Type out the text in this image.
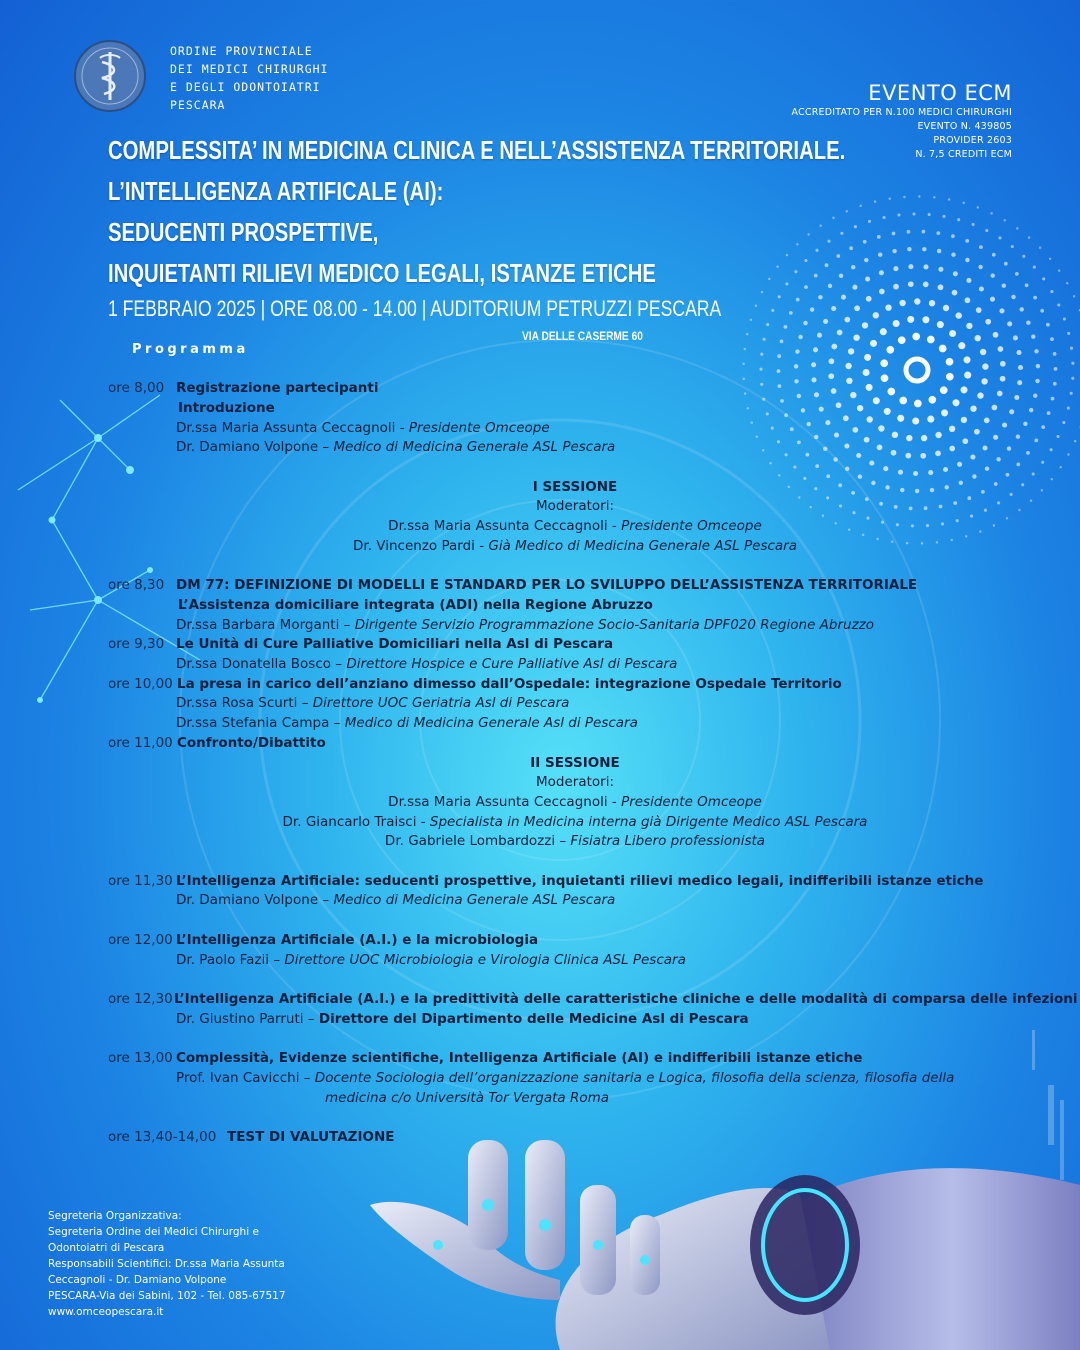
ORDINE PROVINCIALE
DEI MEDICI CHIRURGHI
E DEGLI ODONTOIATRI
PESCARA	EVENTO ECM
ACCREDITATO PER N.100 MEDICI CHIRURGHI
EVENTO N. 439805
PROVIDER 2603
N. 7,5 CREDITI ECM
COMPLESSITA’ IN MEDICINA CLINICA E NELL’ASSISTENZA TERRITORIALE.
L’INTELLIGENZA ARTIFICALE (AI):
SEDUCENTI PROSPETTIVE,
INQUIETANTI RILIEVI MEDICO LEGALI, ISTANZE ETICHE
1 FEBBRAIO 2025 | ORE 08.00 - 14.00 | AUDITORIUM PETRUZZI PESCARA
VIA DELLE CASERME 60
Programma
ore 8,00 Registrazione partecipanti
Introduzione
Dr.ssa Maria Assunta Ceccagnoli - Presidente Omceope
Dr. Damiano Volpone – Medico di Medicina Generale ASL Pescara
I SESSIONE
Moderatori:
Dr.ssa Maria Assunta Ceccagnoli - Presidente Omceope
Dr. Vincenzo Pardi - Già Medico di Medicina Generale ASL Pescara
ore 8,30 DM 77: DEFINIZIONE DI MODELLI E STANDARD PER LO SVILUPPO DELL’ASSISTENZA TERRITORIALE
L’Assistenza domiciliare integrata (ADI) nella Regione Abruzzo
Dr.ssa Barbara Morganti – Dirigente Servizio Programmazione Socio-Sanitaria DPF020 Regione Abruzzo
ore 9,30 Le Unità di Cure Palliative Domiciliari nella Asl di Pescara
Dr.ssa Donatella Bosco – Direttore Hospice e Cure Palliative Asl di Pescara
ore 10,00 La presa in carico dell’anziano dimesso dall’Ospedale: integrazione Ospedale Territorio
Dr.ssa Rosa Scurti – Direttore UOC Geriatria Asl di Pescara
Dr.ssa Stefania Campa – Medico di Medicina Generale Asl di Pescara
ore 11,00 Confronto/Dibattito
II SESSIONE
Moderatori:
Dr.ssa Maria Assunta Ceccagnoli - Presidente Omceope
Dr. Giancarlo Traisci - Specialista in Medicina interna già Dirigente Medico ASL Pescara
Dr. Gabriele Lombardozzi – Fisiatra Libero professionista
ore 11,30 L’Intelligenza Artificiale: seducenti prospettive, inquietanti rilievi medico legali, indifferibili istanze etiche
Dr. Damiano Volpone – Medico di Medicina Generale ASL Pescara
ore 12,00 L’Intelligenza Artificiale (A.I.) e la microbiologia
Dr. Paolo Fazii – Direttore UOC Microbiologia e Virologia Clinica ASL Pescara
ore 12,30 L’Intelligenza Artificiale (A.I.) e la predittività delle caratteristiche cliniche e delle modalità di comparsa delle infezioni
Dr. Giustino Parruti – Direttore del Dipartimento delle Medicine Asl di Pescara
ore 13,00 Complessità, Evidenze scientifiche, Intelligenza Artificiale (AI) e indifferibili istanze etiche
Prof. Ivan Cavicchi – Docente Sociologia dell’organizzazione sanitaria e Logica, filosofia della scienza, filosofia della
medicina c/o Università Tor Vergata Roma
ore 13,40-14,00 TEST DI VALUTAZIONE
Segreteria Organizzativa:
Segreteria Ordine dei Medici Chirurghi e
Odontoiatri di Pescara
Responsabili Scientifici: Dr.ssa Maria Assunta
Ceccagnoli - Dr. Damiano Volpone
PESCARA-Via dei Sabini, 102 - Tel. 085-67517
www.omceopescara.it
